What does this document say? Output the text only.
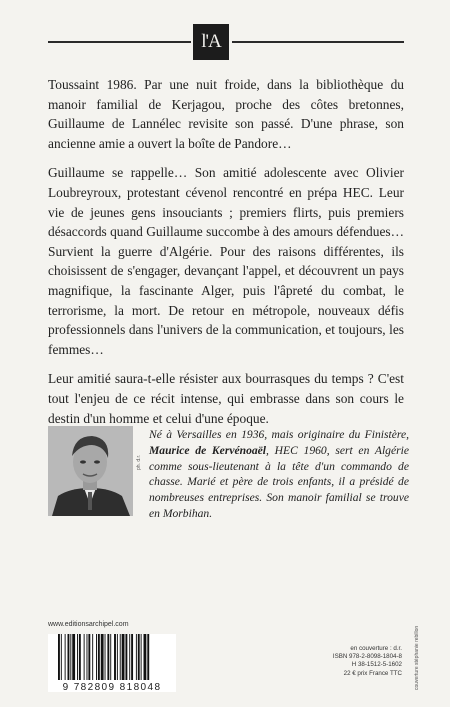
l'A

Toussaint 1986. Par une nuit froide, dans la bibliothèque du manoir familial de Kerjagou, proche des côtes bretonnes, Guillaume de Lannélec revisite son passé. D'une phrase, son ancienne amie a ouvert la boîte de Pandore…

Guillaume se rappelle… Son amitié adolescente avec Olivier Loubreyroux, protestant cévenol rencontré en prépa HEC. Leur vie de jeunes gens insouciants ; premiers flirts, puis premiers désaccords quand Guillaume succombe à des amours défendues… Survient la guerre d'Algérie. Pour des raisons différentes, ils choisissent de s'engager, devançant l'appel, et découvrent un pays magnifique, la fascinante Alger, puis l'âpreté du combat, le terrorisme, la mort. De retour en métropole, nouveaux défis professionnels dans l'univers de la communication, et toujours, les femmes…

Leur amitié saura-t-elle résister aux bourrasques du temps ? C'est tout l'enjeu de ce récit intense, qui embrasse dans son cours le destin d'un homme et celui d'une époque.

ph. d.r.
Né à Versailles en 1936, mais originaire du Finistère, Maurice de Kervénoaël, HEC 1960, sert en Algérie comme sous-lieutenant à la tête d'un commando de chasse. Marié et père de trois enfants, il a présidé de nombreuses entreprises. Son manoir familial se trouve en Morbihan.
www.editionsarchipel.com
9 782809 818048
en couverture : d.r.
ISBN 978-2-8098-1804-8
H 38-1512-5-1602
22 € prix France TTC couverture stéphanie rebillon
